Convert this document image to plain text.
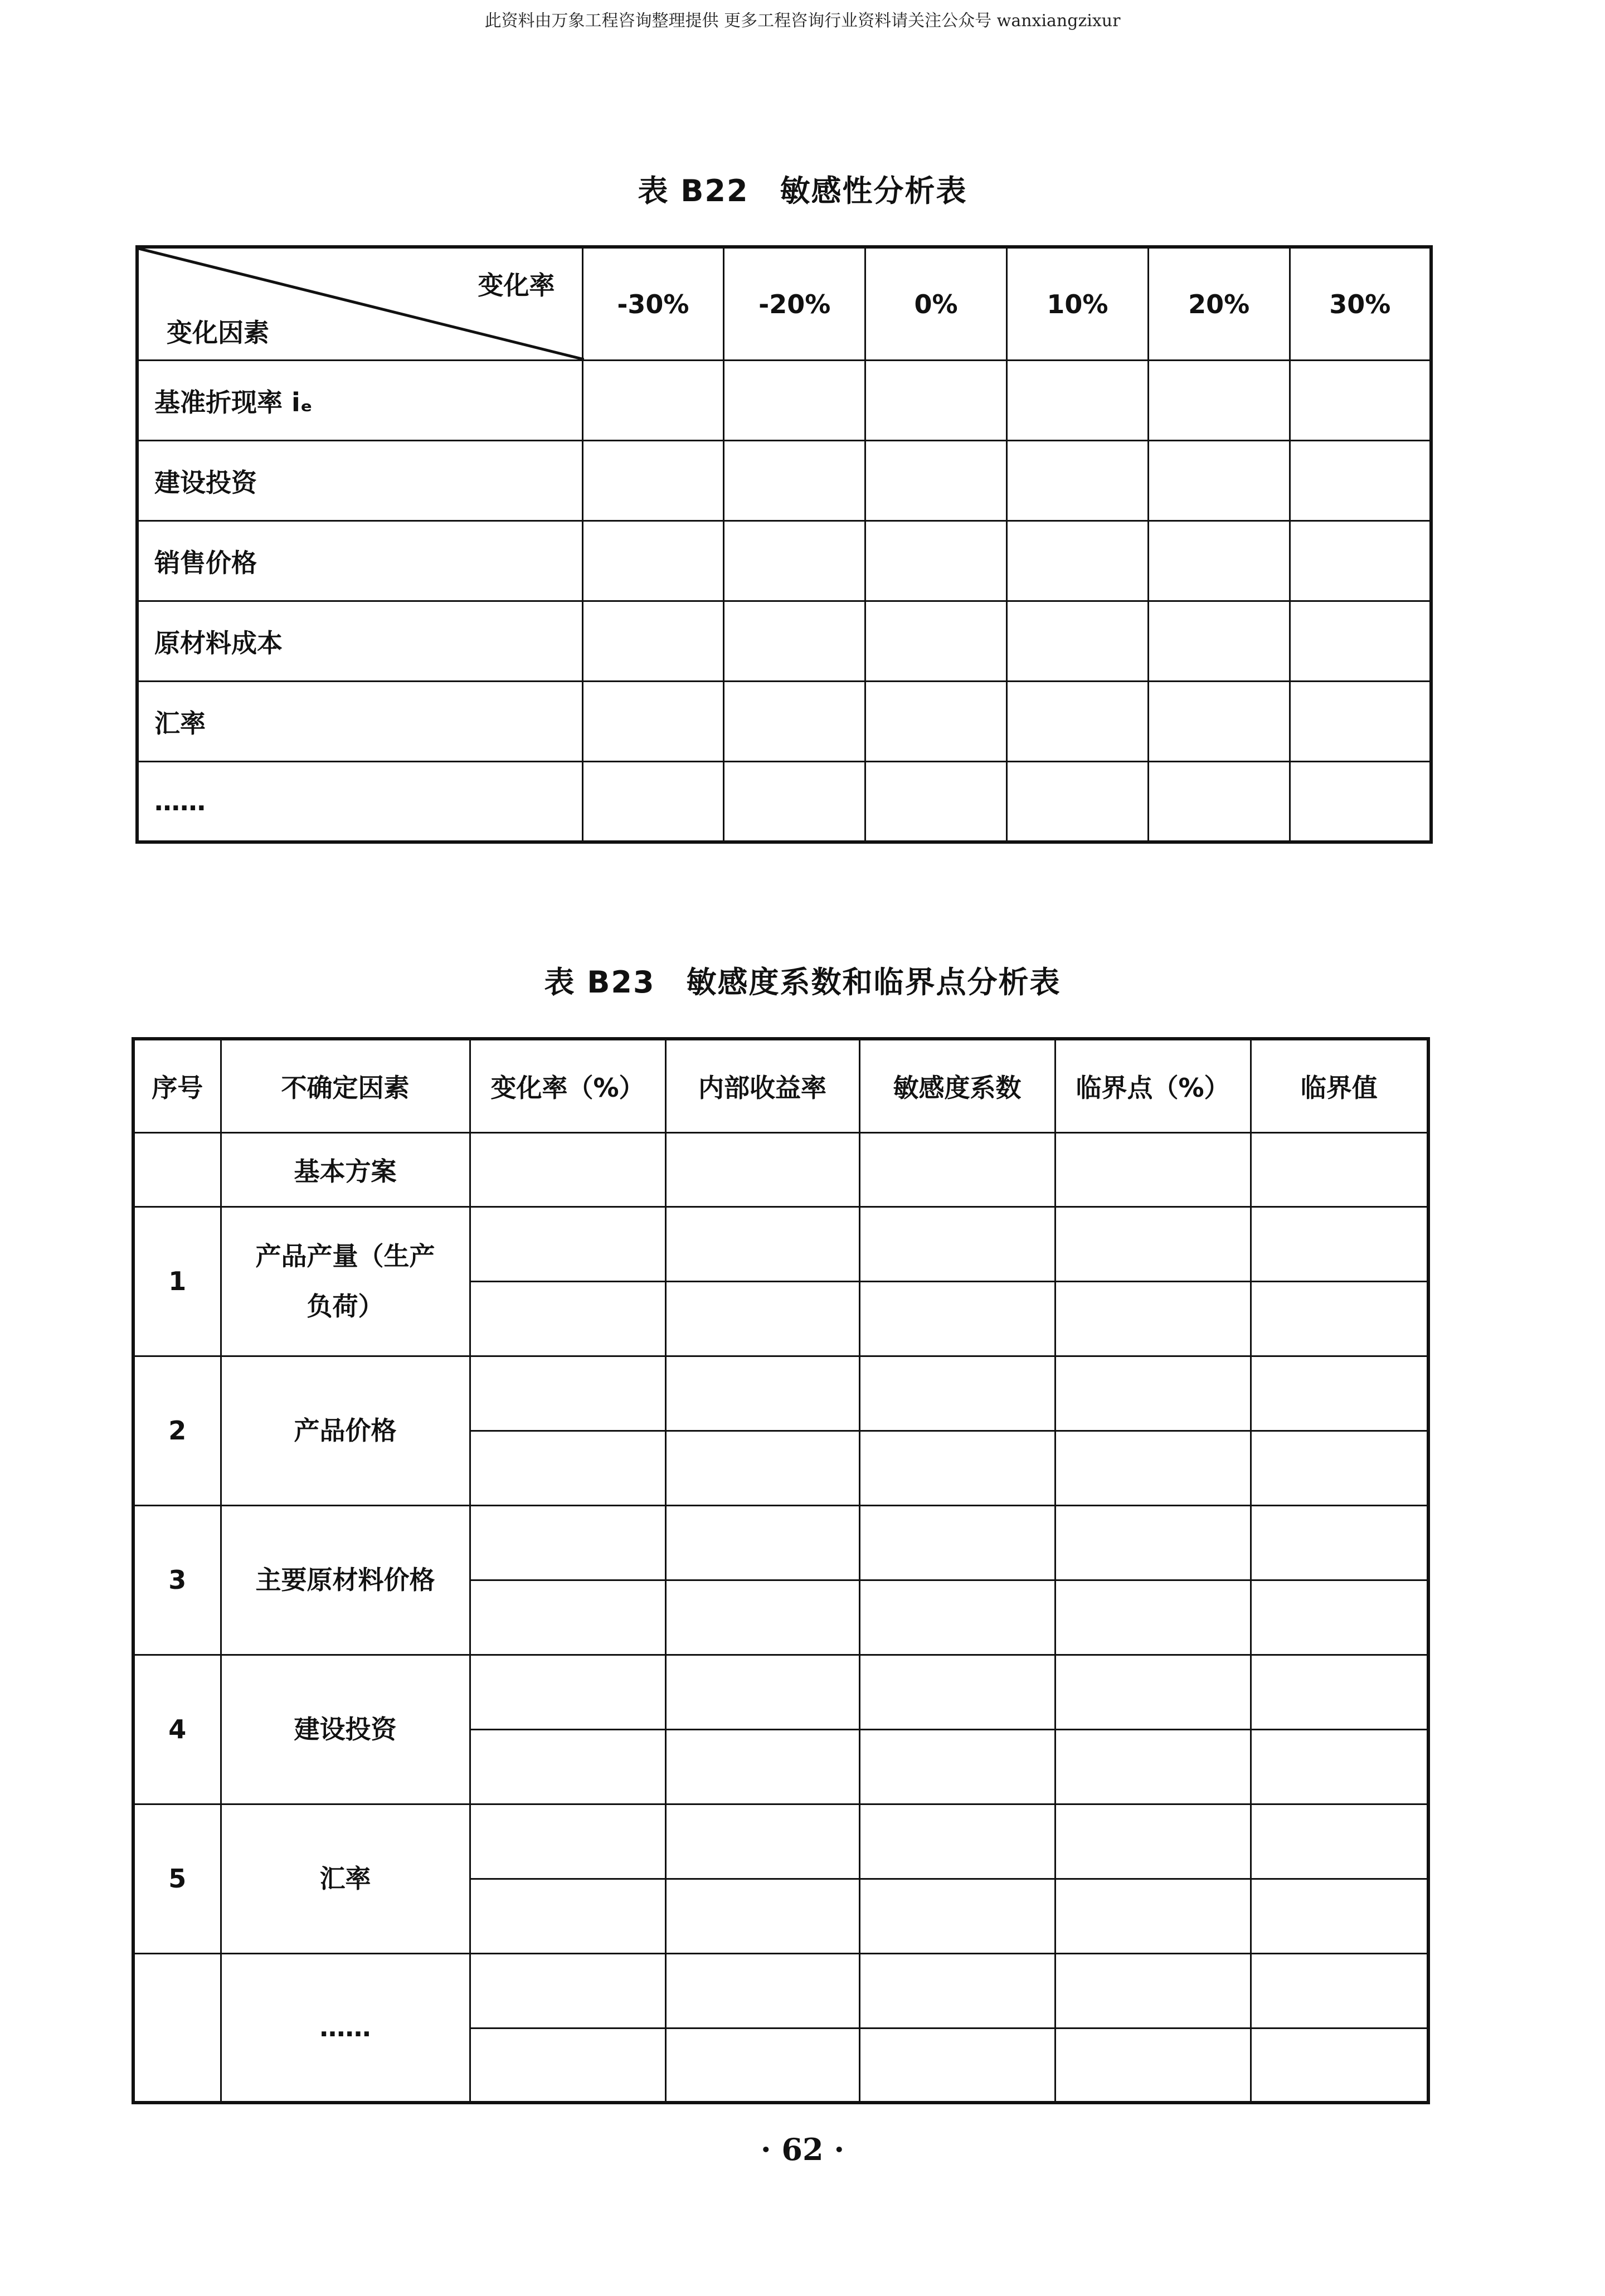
此资料由万象工程咨询整理提供 更多工程咨询行业资料请关注公众号 wanxiangzixur
表 B22　敏感性分析表
变化率
变化因素	-30%	-20%	0%	10%	20%	30%
基准折现率 iₑ						
建设投资						
销售价格						
原材料成本						
汇率						
……						
表 B23　敏感度系数和临界点分析表
序号	不确定因素	变化率（%）	内部收益率	敏感度系数	临界点（%）	临界值
	基本方案					
1	产品产量（生产负荷）					

2	产品价格					

3	主要原材料价格					

4	建设投资					

5	汇率					

	……					

· 62 ·
